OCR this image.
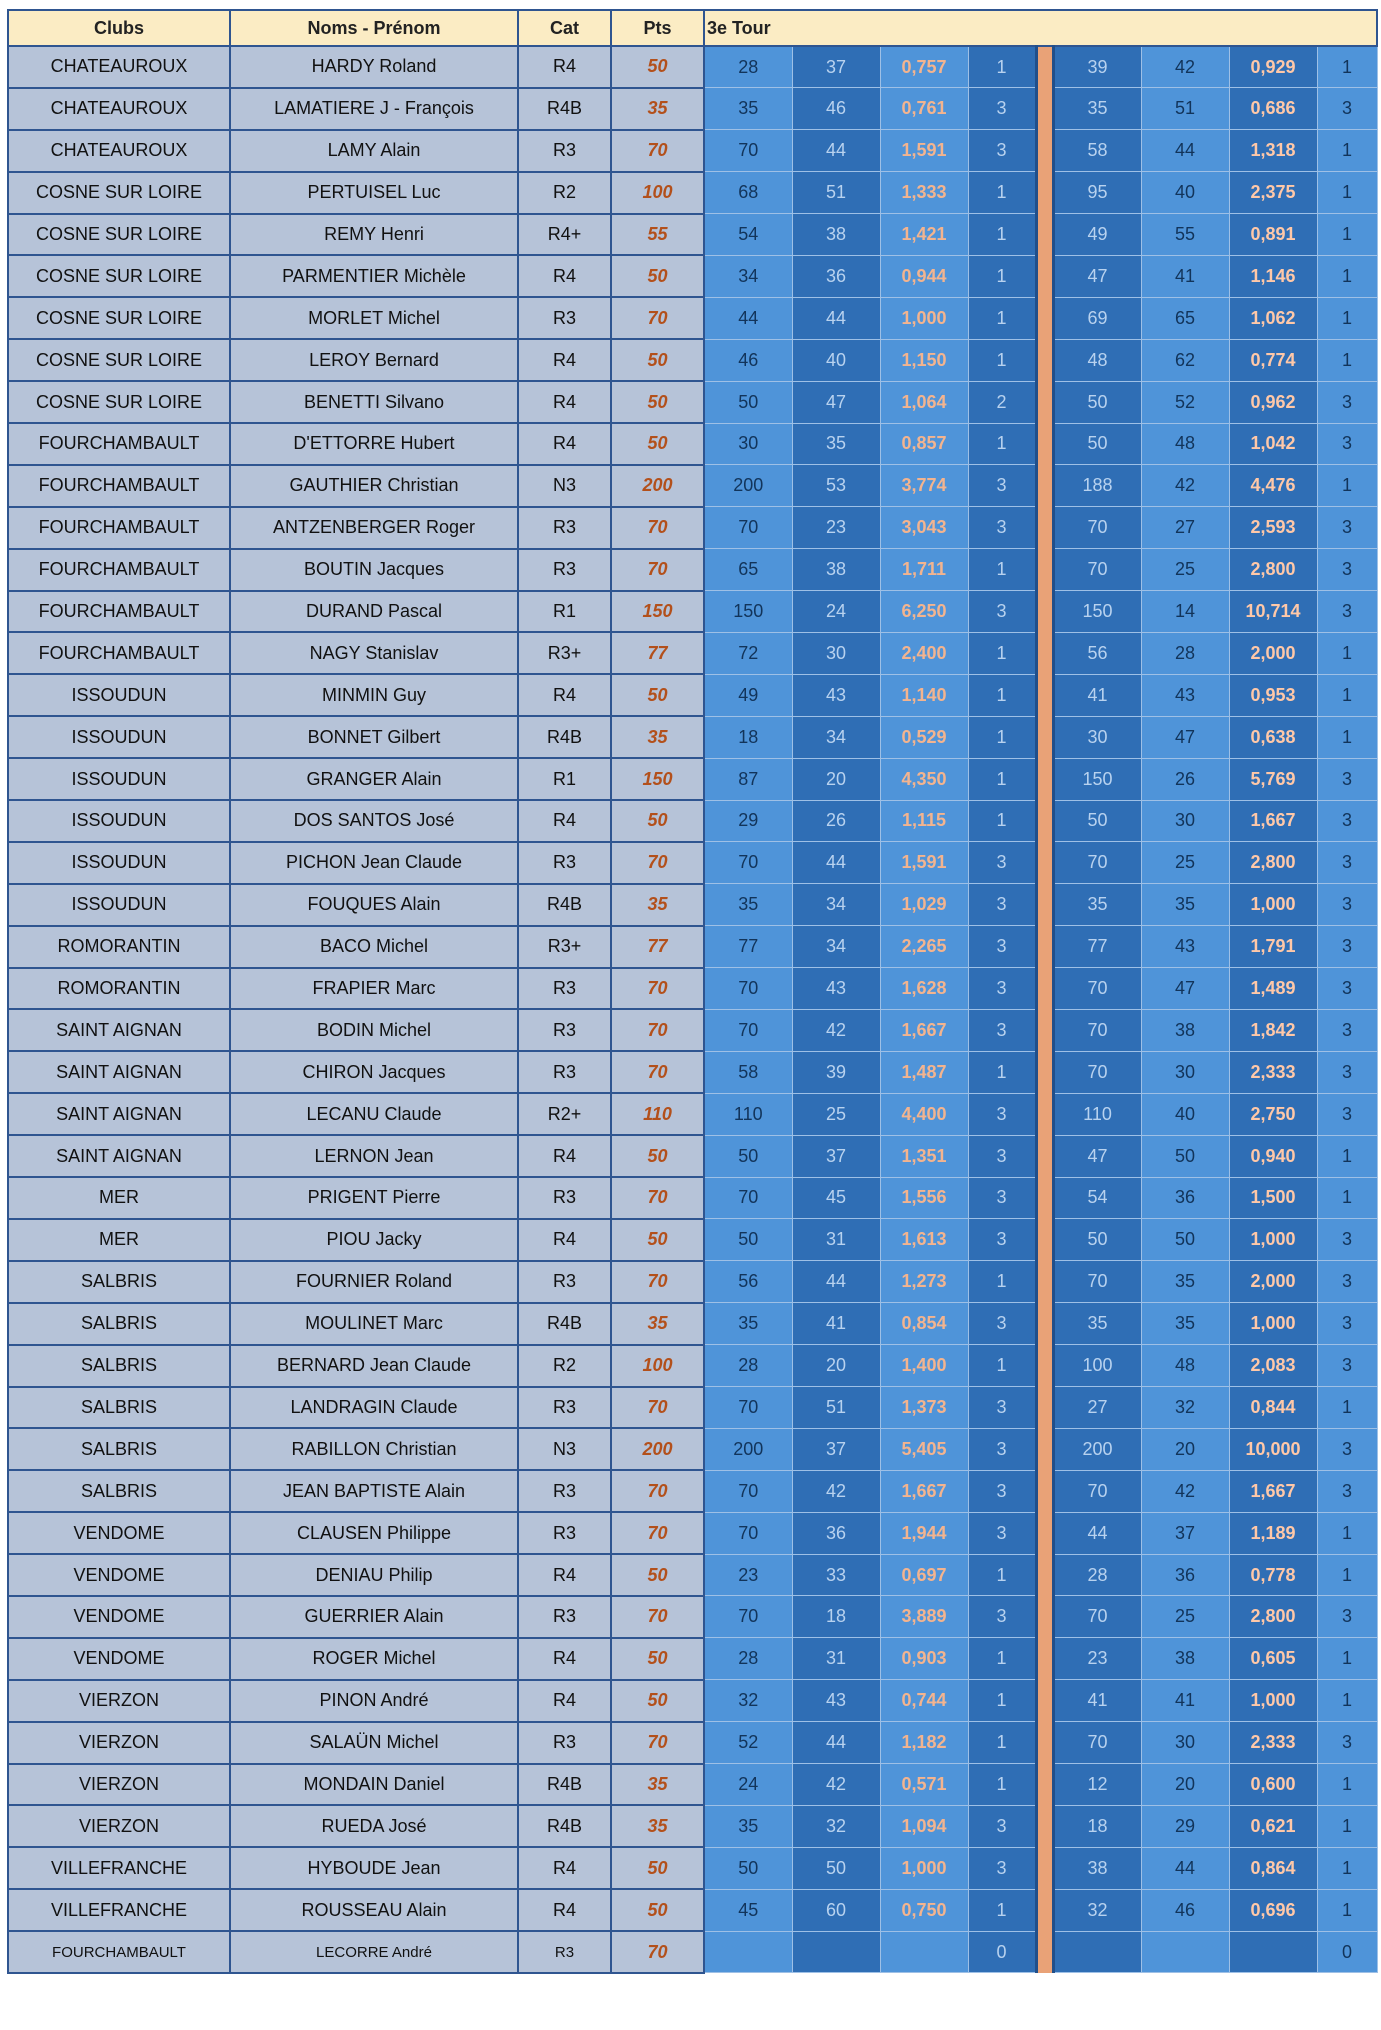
Clubs	Noms - Prénom	Cat	Pts	3e Tour								
CHATEAUROUX	HARDY Roland	R4	50	28	37	0,757	1		39	42	0,929	1
CHATEAUROUX	LAMATIERE J - François	R4B	35	35	46	0,761	3		35	51	0,686	3
CHATEAUROUX	LAMY Alain	R3	70	70	44	1,591	3		58	44	1,318	1
COSNE SUR LOIRE	PERTUISEL Luc	R2	100	68	51	1,333	1		95	40	2,375	1
COSNE SUR LOIRE	REMY Henri	R4+	55	54	38	1,421	1		49	55	0,891	1
COSNE SUR LOIRE	PARMENTIER Michèle	R4	50	34	36	0,944	1		47	41	1,146	1
COSNE SUR LOIRE	MORLET Michel	R3	70	44	44	1,000	1		69	65	1,062	1
COSNE SUR LOIRE	LEROY Bernard	R4	50	46	40	1,150	1		48	62	0,774	1
COSNE SUR LOIRE	BENETTI Silvano	R4	50	50	47	1,064	2		50	52	0,962	3
FOURCHAMBAULT	D'ETTORRE Hubert	R4	50	30	35	0,857	1		50	48	1,042	3
FOURCHAMBAULT	GAUTHIER Christian	N3	200	200	53	3,774	3		188	42	4,476	1
FOURCHAMBAULT	ANTZENBERGER Roger	R3	70	70	23	3,043	3		70	27	2,593	3
FOURCHAMBAULT	BOUTIN Jacques	R3	70	65	38	1,711	1		70	25	2,800	3
FOURCHAMBAULT	DURAND Pascal	R1	150	150	24	6,250	3		150	14	10,714	3
FOURCHAMBAULT	NAGY Stanislav	R3+	77	72	30	2,400	1		56	28	2,000	1
ISSOUDUN	MINMIN Guy	R4	50	49	43	1,140	1		41	43	0,953	1
ISSOUDUN	BONNET Gilbert	R4B	35	18	34	0,529	1		30	47	0,638	1
ISSOUDUN	GRANGER Alain	R1	150	87	20	4,350	1		150	26	5,769	3
ISSOUDUN	DOS SANTOS José	R4	50	29	26	1,115	1		50	30	1,667	3
ISSOUDUN	PICHON Jean Claude	R3	70	70	44	1,591	3		70	25	2,800	3
ISSOUDUN	FOUQUES Alain	R4B	35	35	34	1,029	3		35	35	1,000	3
ROMORANTIN	BACO Michel	R3+	77	77	34	2,265	3		77	43	1,791	3
ROMORANTIN	FRAPIER Marc	R3	70	70	43	1,628	3		70	47	1,489	3
SAINT AIGNAN	BODIN Michel	R3	70	70	42	1,667	3		70	38	1,842	3
SAINT AIGNAN	CHIRON Jacques	R3	70	58	39	1,487	1		70	30	2,333	3
SAINT AIGNAN	LECANU Claude	R2+	110	110	25	4,400	3		110	40	2,750	3
SAINT AIGNAN	LERNON Jean	R4	50	50	37	1,351	3		47	50	0,940	1
MER	PRIGENT Pierre	R3	70	70	45	1,556	3		54	36	1,500	1
MER	PIOU Jacky	R4	50	50	31	1,613	3		50	50	1,000	3
SALBRIS	FOURNIER Roland	R3	70	56	44	1,273	1		70	35	2,000	3
SALBRIS	MOULINET Marc	R4B	35	35	41	0,854	3		35	35	1,000	3
SALBRIS	BERNARD Jean Claude	R2	100	28	20	1,400	1		100	48	2,083	3
SALBRIS	LANDRAGIN Claude	R3	70	70	51	1,373	3		27	32	0,844	1
SALBRIS	RABILLON Christian	N3	200	200	37	5,405	3		200	20	10,000	3
SALBRIS	JEAN BAPTISTE Alain	R3	70	70	42	1,667	3		70	42	1,667	3
VENDOME	CLAUSEN Philippe	R3	70	70	36	1,944	3		44	37	1,189	1
VENDOME	DENIAU Philip	R4	50	23	33	0,697	1		28	36	0,778	1
VENDOME	GUERRIER Alain	R3	70	70	18	3,889	3		70	25	2,800	3
VENDOME	ROGER Michel	R4	50	28	31	0,903	1		23	38	0,605	1
VIERZON	PINON André	R4	50	32	43	0,744	1		41	41	1,000	1
VIERZON	SALAÜN Michel	R3	70	52	44	1,182	1		70	30	2,333	3
VIERZON	MONDAIN Daniel	R4B	35	24	42	0,571	1		12	20	0,600	1
VIERZON	RUEDA José	R4B	35	35	32	1,094	3		18	29	0,621	1
VILLEFRANCHE	HYBOUDE Jean	R4	50	50	50	1,000	3		38	44	0,864	1
VILLEFRANCHE	ROUSSEAU Alain	R4	50	45	60	0,750	1		32	46	0,696	1
FOURCHAMBAULT	LECORRE André	R3	70				0					0
